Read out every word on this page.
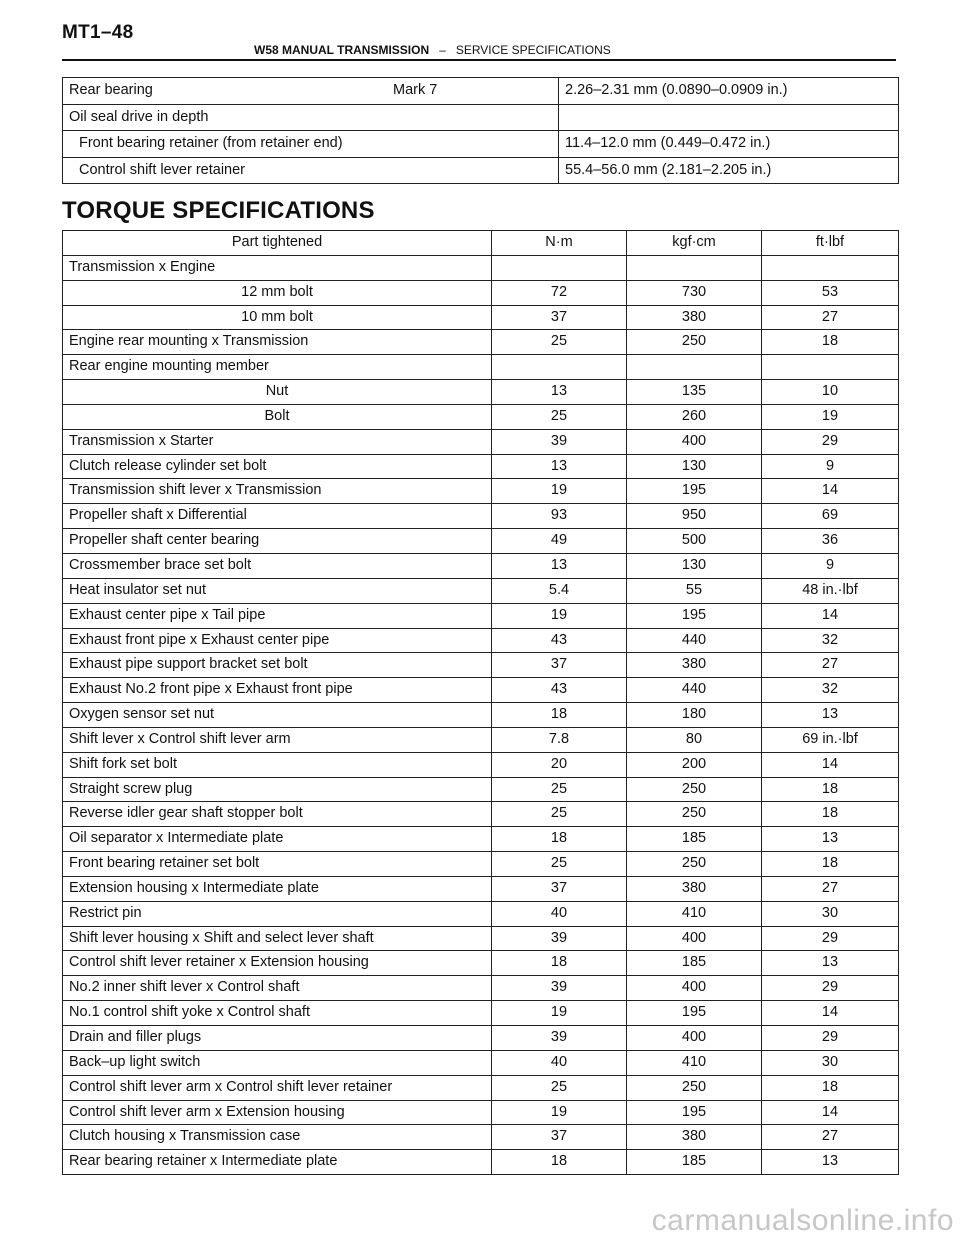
MT1–48
W58 MANUAL TRANSMISSION – SERVICE SPECIFICATIONS
Rear bearing Mark 7	2.26–2.31 mm (0.0890–0.0909 in.)
Oil seal drive in depth	
Front bearing retainer (from retainer end)	11.4–12.0 mm (0.449–0.472 in.)
Control shift lever retainer	55.4–56.0 mm (2.181–2.205 in.)
TORQUE SPECIFICATIONS
Part tightened	N·m	kgf·cm	ft·lbf
Transmission x Engine			
12 mm bolt	72	730	53
10 mm bolt	37	380	27
Engine rear mounting x Transmission	25	250	18
Rear engine mounting member			
Nut	13	135	10
Bolt	25	260	19
Transmission x Starter	39	400	29
Clutch release cylinder set bolt	13	130	9
Transmission shift lever x Transmission	19	195	14
Propeller shaft x Differential	93	950	69
Propeller shaft center bearing	49	500	36
Crossmember brace set bolt	13	130	9
Heat insulator set nut	5.4	55	48 in.·lbf
Exhaust center pipe x Tail pipe	19	195	14
Exhaust front pipe x Exhaust center pipe	43	440	32
Exhaust pipe support bracket set bolt	37	380	27
Exhaust No.2 front pipe x Exhaust front pipe	43	440	32
Oxygen sensor set nut	18	180	13
Shift lever x Control shift lever arm	7.8	80	69 in.·lbf
Shift fork set bolt	20	200	14
Straight screw plug	25	250	18
Reverse idler gear shaft stopper bolt	25	250	18
Oil separator x Intermediate plate	18	185	13
Front bearing retainer set bolt	25	250	18
Extension housing x Intermediate plate	37	380	27
Restrict pin	40	410	30
Shift lever housing x Shift and select lever shaft	39	400	29
Control shift lever retainer x Extension housing	18	185	13
No.2 inner shift lever x Control shaft	39	400	29
No.1 control shift yoke x Control shaft	19	195	14
Drain and filler plugs	39	400	29
Back–up light switch	40	410	30
Control shift lever arm x Control shift lever retainer	25	250	18
Control shift lever arm x Extension housing	19	195	14
Clutch housing x Transmission case	37	380	27
Rear bearing retainer x Intermediate plate	18	185	13
carmanualsonline.info
